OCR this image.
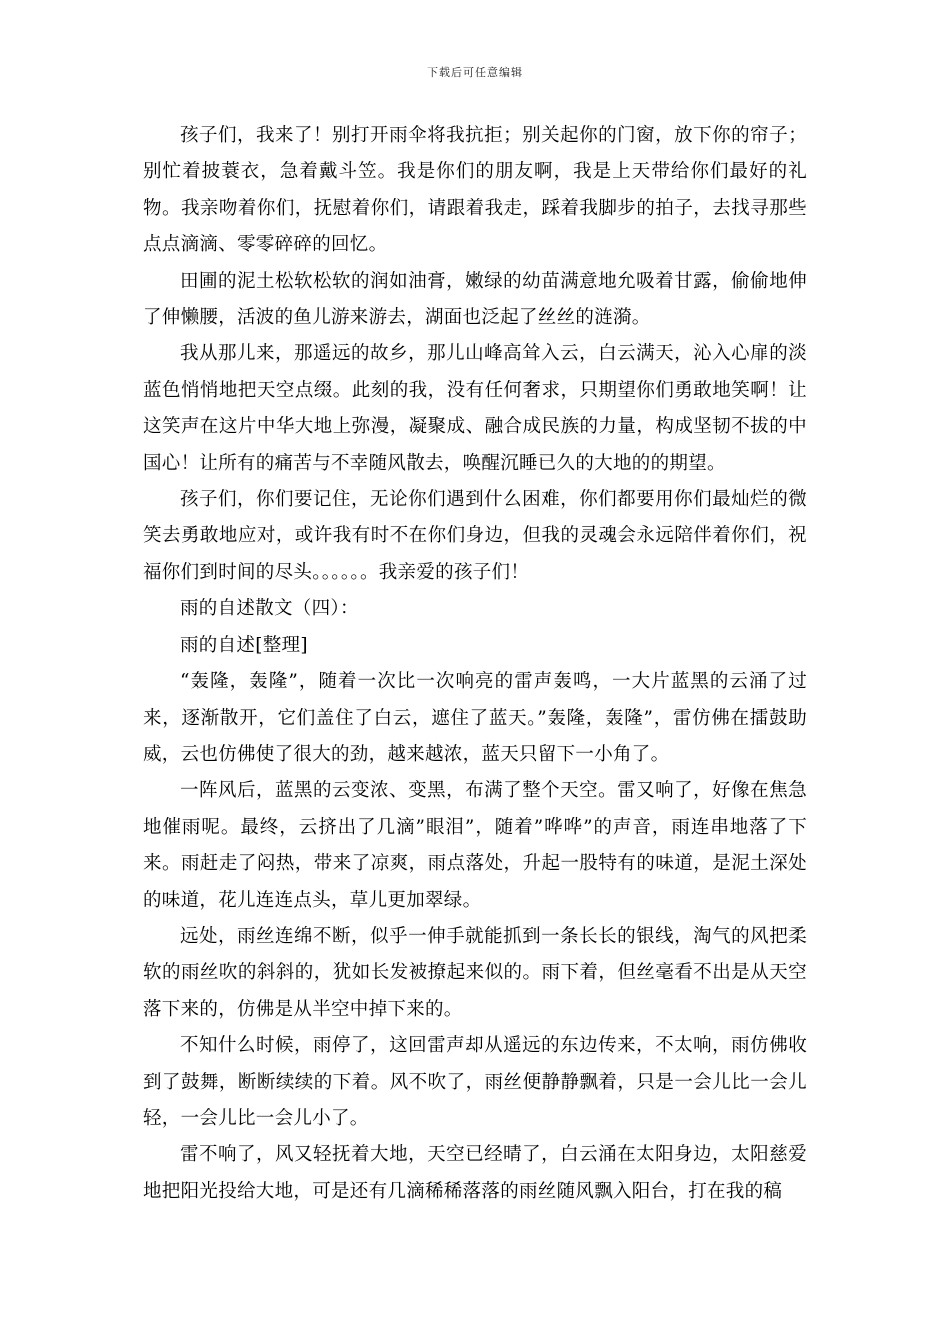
下载后可任意编辑

孩子们，我来了！别打开雨伞将我抗拒；别关起你的门窗，放下你的帘子；别忙着披蓑衣，急着戴斗笠。我是你们的朋友啊，我是上天带给你们最好的礼物。我亲吻着你们，抚慰着你们，请跟着我走，踩着我脚步的拍子，去找寻那些点点滴滴、零零碎碎的回忆。

田圃的泥土松软松软的润如油膏，嫩绿的幼苗满意地允吸着甘露，偷偷地伸了伸懒腰，活波的鱼儿游来游去，湖面也泛起了丝丝的涟漪。

我从那儿来，那遥远的故乡，那儿山峰高耸入云，白云满天，沁入心扉的淡蓝色悄悄地把天空点缀。此刻的我，没有任何奢求，只期望你们勇敢地笑啊！让这笑声在这片中华大地上弥漫，凝聚成、融合成民族的力量，构成坚韧不拔的中国心！让所有的痛苦与不幸随风散去，唤醒沉睡已久的大地的的期望。

孩子们，你们要记住，无论你们遇到什么困难，你们都要用你们最灿烂的微笑去勇敢地应对，或许我有时不在你们身边，但我的灵魂会永远陪伴着你们，祝福你们到时间的尽头。。。。。。我亲爱的孩子们！

雨的自述散文（四）：

雨的自述[整理]

“轰隆，轰隆”，随着一次比一次响亮的雷声轰鸣，一大片蓝黑的云涌了过来，逐渐散开，它们盖住了白云，遮住了蓝天。”轰隆，轰隆”，雷仿佛在擂鼓助威，云也仿佛使了很大的劲，越来越浓，蓝天只留下一小角了。

一阵风后，蓝黑的云变浓、变黑，布满了整个天空。雷又响了，好像在焦急地催雨呢。最终，云挤出了几滴”眼泪”，随着”哗哗”的声音，雨连串地落了下来。雨赶走了闷热，带来了凉爽，雨点落处，升起一股特有的味道，是泥土深处的味道，花儿连连点头，草儿更加翠绿。

远处，雨丝连绵不断，似乎一伸手就能抓到一条长长的银线，淘气的风把柔软的雨丝吹的斜斜的，犹如长发被撩起来似的。雨下着，但丝毫看不出是从天空落下来的，仿佛是从半空中掉下来的。

不知什么时候，雨停了，这回雷声却从遥远的东边传来，不太响，雨仿佛收到了鼓舞，断断续续的下着。风不吹了，雨丝便静静飘着，只是一会儿比一会儿轻，一会儿比一会儿小了。

雷不响了，风又轻抚着大地，天空已经晴了，白云涌在太阳身边，太阳慈爱地把阳光投给大地，可是还有几滴稀稀落落的雨丝随风飘入阳台，打在我的稿
